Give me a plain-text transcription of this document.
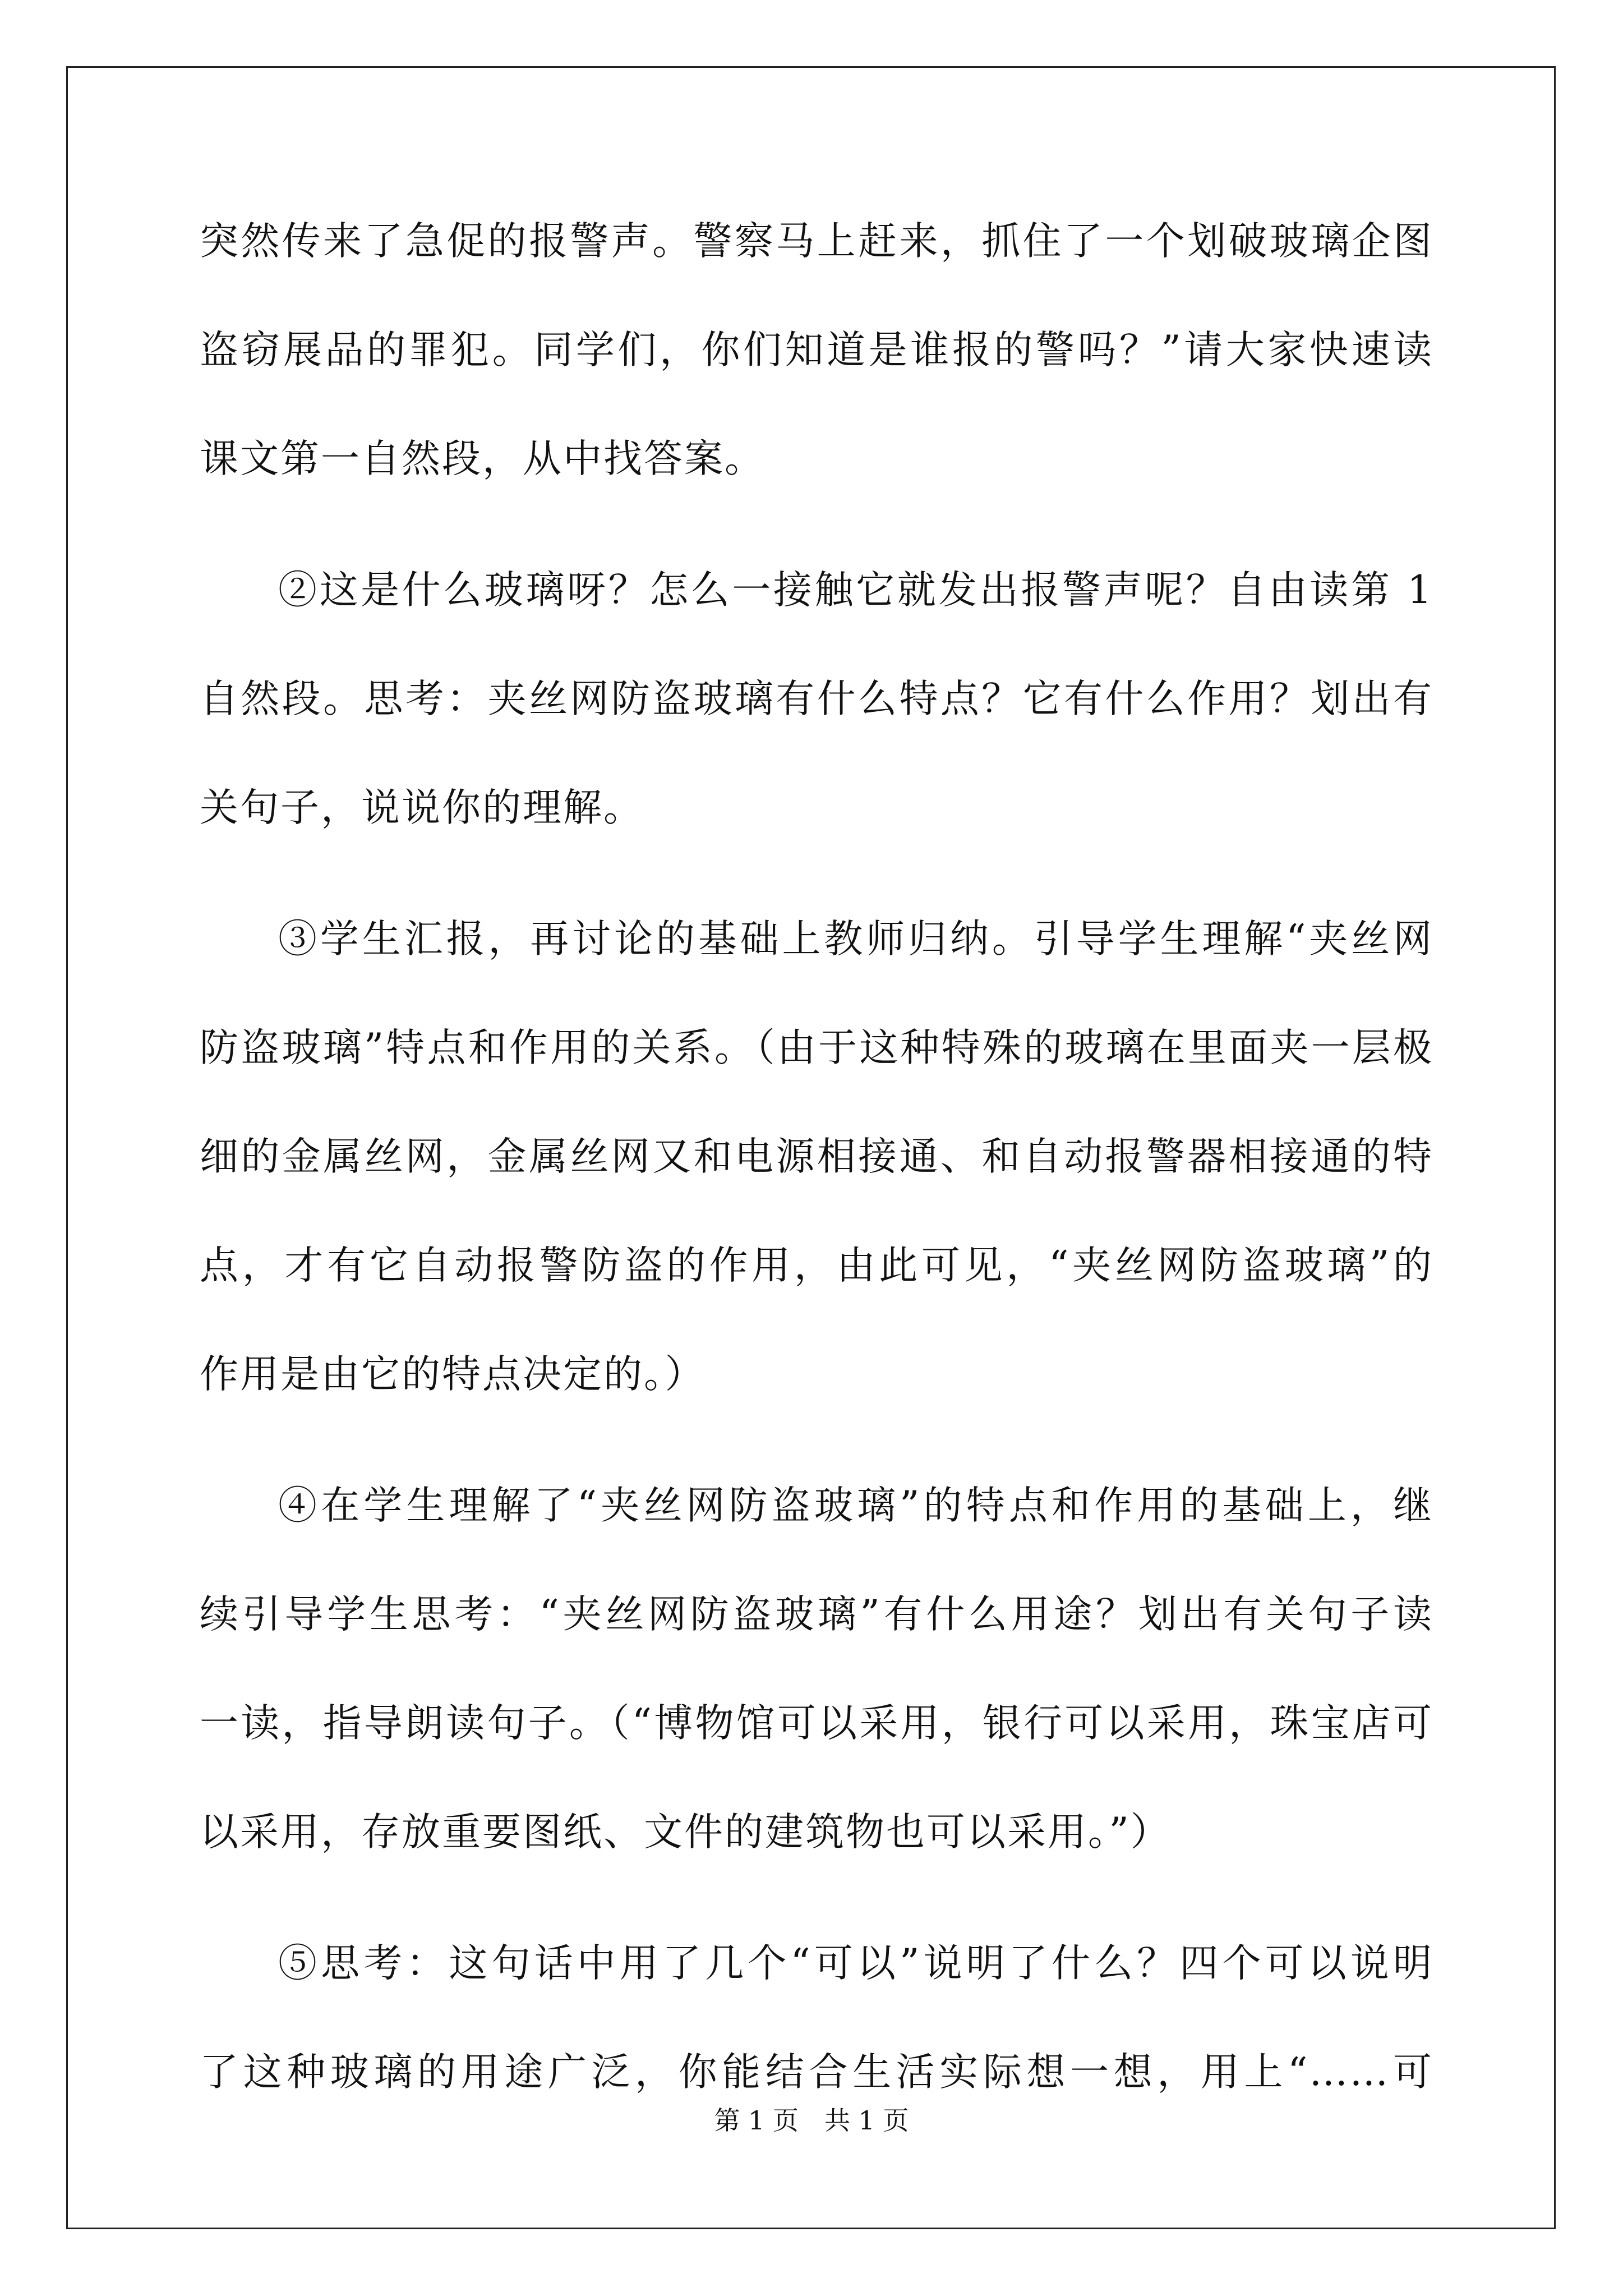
突然传来了急促的报警声。警察马上赶来，抓住了一个划破玻璃企图
盗窃展品的罪犯。同学们，你们知道是谁报的警吗？”请大家快速读
课文第一自然段，从中找答案。
②这是什么玻璃呀？怎么一接触它就发出报警声呢？自由读第 1
自然段。思考：夹丝网防盗玻璃有什么特点？它有什么作用？划出有
关句子，说说你的理解。
③学生汇报，再讨论的基础上教师归纳。引导学生理解“夹丝网
防盗玻璃”特点和作用的关系。（由于这种特殊的玻璃在里面夹一层极
细的金属丝网，金属丝网又和电源相接通、和自动报警器相接通的特
点，才有它自动报警防盗的作用，由此可见，“夹丝网防盗玻璃”的
作用是由它的特点决定的。）
④在学生理解了“夹丝网防盗玻璃”的特点和作用的基础上，继
续引导学生思考：“夹丝网防盗玻璃”有什么用途？划出有关句子读
一读，指导朗读句子。（“博物馆可以采用，银行可以采用，珠宝店可
以采用，存放重要图纸、文件的建筑物也可以采用。”）
⑤思考：这句话中用了几个“可以”说明了什么？四个可以说明
了这种玻璃的用途广泛，你能结合生活实际想一想，用上“……可
第 1 页　共 1 页
